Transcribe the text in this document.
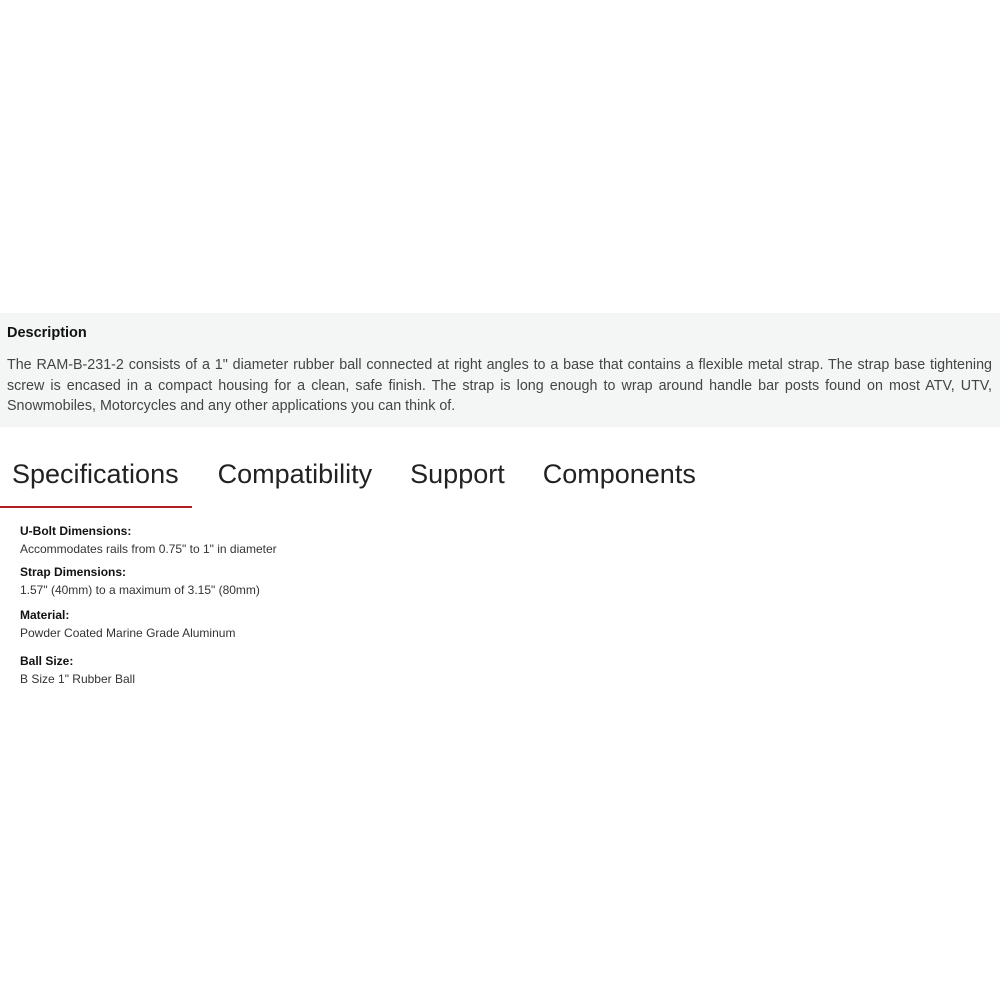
Description

The RAM-B-231-2 consists of a 1" diameter rubber ball connected at right angles to a base that contains a flexible metal strap. The strap base tightening screw is encased in a compact housing for a clean, safe finish. The strap is long enough to wrap around handle bar posts found on most ATV, UTV, Snowmobiles, Motorcycles and any other applications you can think of.

Specifications	Compatibility	Support	Components
U-Bolt Dimensions:
Accommodates rails from 0.75" to 1" in diameter
Strap Dimensions:
1.57" (40mm) to a maximum of 3.15" (80mm)
Material:
Powder Coated Marine Grade Aluminum
Ball Size:
B Size 1" Rubber Ball
